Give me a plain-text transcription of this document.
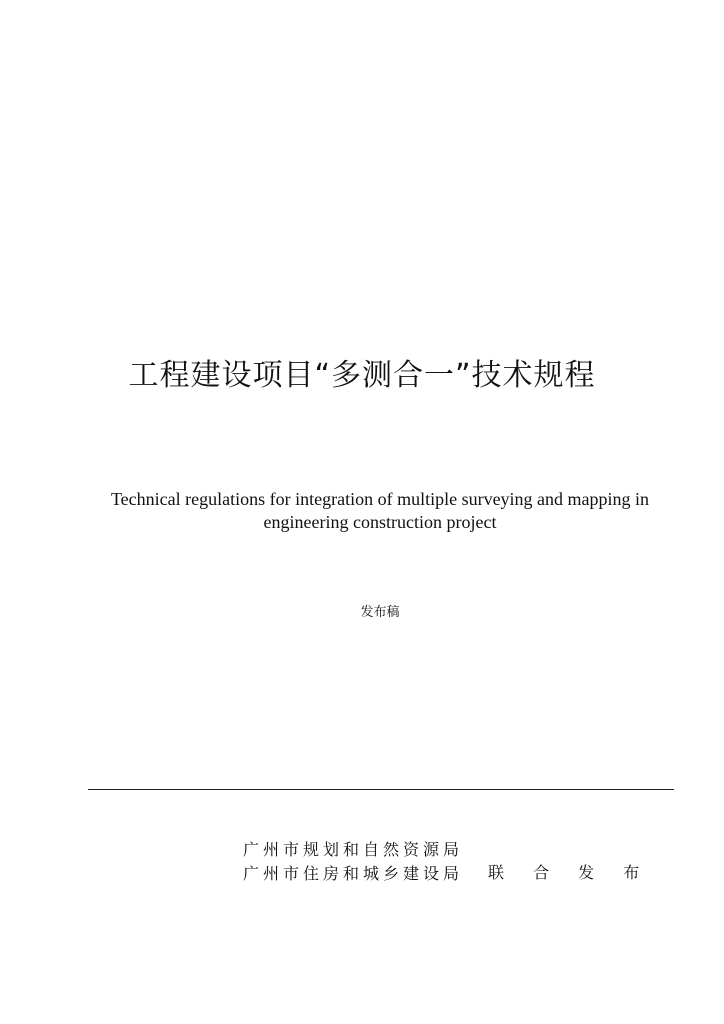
工程建设项目“多测合一”技术规程

Technical regulations for integration of multiple surveying and mapping in
engineering construction project

发布稿
广州市规划和自然资源局
广州市住房和城乡建设局	联 合 发 布
